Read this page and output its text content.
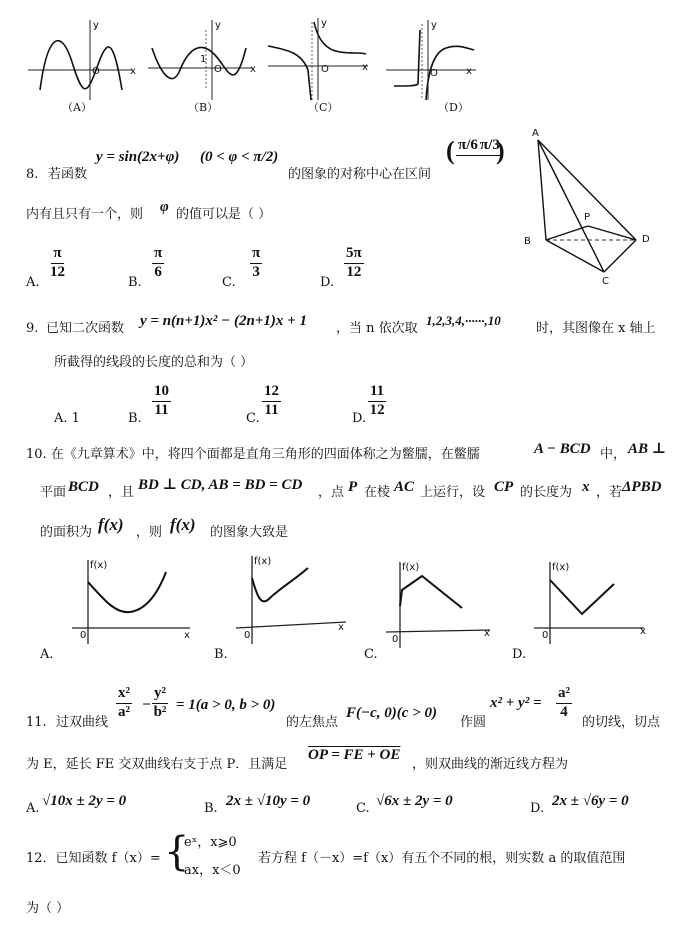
y
O	x
y
1
O	x
y
O	x
y
O	x
（A）	（B）	（C）	（D）
8. 若函数
y = sin(2x+φ) (0 < φ < π/2)
的图象的对称中心在区间
( π/6 π/3
)
内有且只有一个，则 φ 的值可以是（ ）
A.
$\frac{\pi}{12}$
B.
$\frac{\pi}{6}$
C.
$\frac{\pi}{3}$
D.
$\frac{5\pi}{12}$
A
B
P
D
C
9. 已知二次函数 y = n(n+1)x² − (2n+1)x + 1 ，当 n 依次取
1,2,3,4,······,10
时，其图像在 x 轴上
所截得的线段的长度的总和为（ ）
A. 1	B. $\frac{10}{11}$	C. $\frac{12}{11}$	D. $\frac{11}{12}$
10. 在《九章算术》中，将四个面都是直角三角形的四面体称之为鳖臑，在鳖臑	A − BCD 中， AB ⊥
平面 BCD ，且 BD ⊥ CD, AB = BD = CD ，点 P 在棱 AC 上运行，设 CP 的长度为 x ，若 ΔPBD
的面积为 f(x) ，则 f(x) 的图象大致是
f(x)
0	x
f(x)
0
x
f(x)
0
x
f(x)
0	x
A.	B.	C.	D.
11. 过双曲线
$\frac{\text{x²}}{\text{a²}} - \frac{\text{y²}}{\text{b²}} = 1(a > 0$, b > 0)
的左焦点
F(−c, 0)(c > 0)
作圆
$x^2 + y^2 = \frac{\text{a²}}{4}$
的切线，切点
为 E，延长 FE 交双曲线右支于点 P．且满足
OP = FE + OE
，则双曲线的渐近线方程为
A. √10x ± 2y = 0	B. 2x ± √10y = 0	C. √6x ± 2y = 0	D. 2x ± √6y = 0
12．已知函数 f（x）= {
eˣ，x⩾0
ax，x＜0
若方程 f（－x）=f（x）有五个不同的根，则实数 a 的取值范围
为（ ）
